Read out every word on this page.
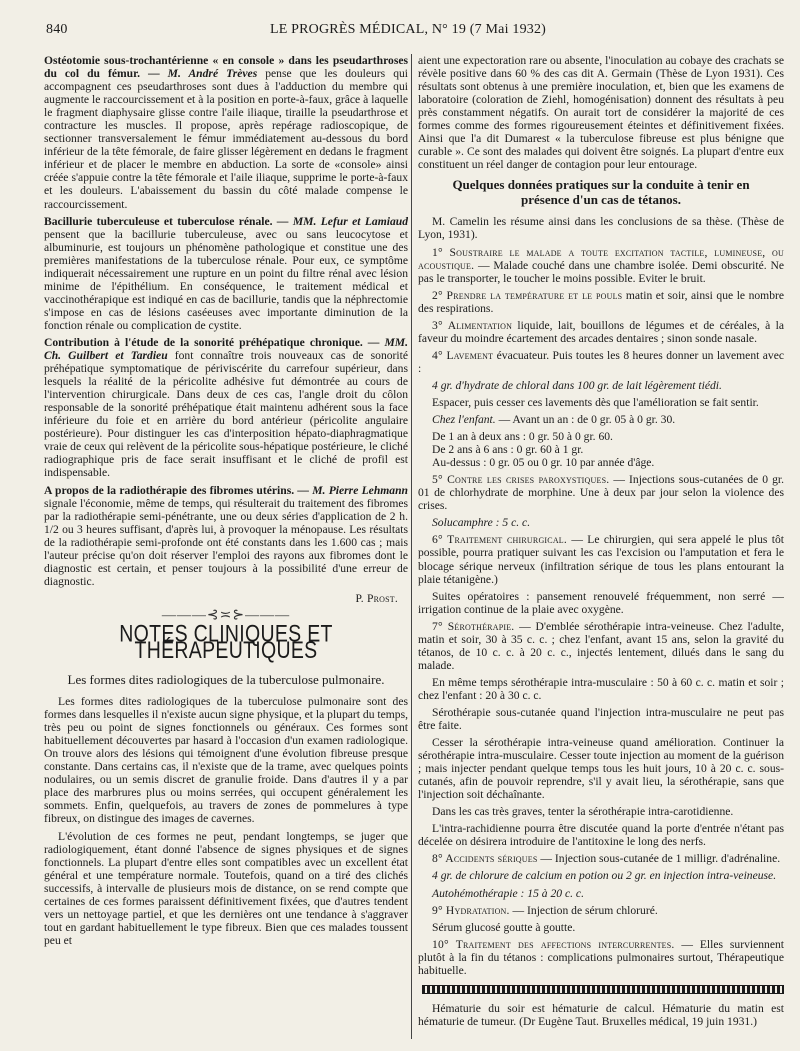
840	LE PROGRÈS MÉDICAL, N° 19 (7 Mai 1932)

Ostéotomie sous-trochantérienne « en console » dans les pseudarthroses du col du fémur. — M. André Trèves pense que les douleurs qui accompagnent ces pseudarthroses sont dues à l'adduction du membre qui augmente le raccourcissement et à la position en porte-à-faux, grâce à laquelle le fragment diaphysaire glisse contre l'aile iliaque, tiraille la pseudarthrose et contracture les muscles. Il propose, après repérage radioscopique, de sectionner transversalement le fémur immédiatement au-dessous du bord inférieur de la tête fémorale, de faire glisser légèrement en dedans le fragment inférieur et de placer le membre en abduction. La sorte de «console» ainsi créée s'appuie contre la tête fémorale et l'aile iliaque, supprime le porte-à-faux et les douleurs. L'abaissement du bassin du côté malade compense le raccourcissement.

Bacillurie tuberculeuse et tuberculose rénale. — MM. Lefur et Lamiaud pensent que la bacillurie tuberculeuse, avec ou sans leucocytose et albuminurie, est toujours un phénomène pathologique et constitue une des premières manifestations de la tuberculose rénale. Pour eux, ce symptôme indiquerait nécessairement une rupture en un point du filtre rénal avec lésion minime de l'épithélium. En conséquence, le traitement médical et vaccinothérapique est indiqué en cas de bacillurie, tandis que la néphrectomie s'impose en cas de lésions caséeuses avec importante diminution de la fonction rénale ou complication de cystite.

Contribution à l'étude de la sonorité préhépatique chronique. — MM. Ch. Guilbert et Tardieu font connaître trois nouveaux cas de sonorité préhépatique symptomatique de périviscérite du carrefour supérieur, dans lesquels la réalité de la péricolite adhésive fut démontrée au cours de l'intervention chirurgicale. Dans deux de ces cas, l'angle droit du côlon responsable de la sonorité préhépatique était maintenu adhérent sous la face inférieure du foie et en arrière du bord antérieur (péricolite angulaire postérieure). Pour distinguer les cas d'interposition hépato-diaphragmatique vraie de ceux qui relèvent de la péricolite sous-hépatique postérieure, le cliché radiographique pris de face serait insuffisant et le cliché de profil est indispensable.

A propos de la radiothérapie des fibromes utérins. — M. Pierre Lehmann signale l'économie, même de temps, qui résulterait du traitement des fibromes par la radiothérapie semi-pénétrante, une ou deux séries d'application de 2 h. 1/2 ou 3 heures suffisant, d'après lui, à provoquer la ménopause. Les résultats de la radiothérapie semi-profonde ont été constants dans les 1.600 cas ; mais l'auteur précise qu'on doit réserver l'emploi des rayons aux fibromes dont le diagnostic est certain, et penser toujours à la possibilité d'une erreur de diagnostic.

P. Prost.

———⊰≍⊱———
NOTES CLINIQUES ET THÉRAPEUTIQUES
Les formes dites radiologiques de la tuberculose pulmonaire.

Les formes dites radiologiques de la tuberculose pulmonaire sont des formes dans lesquelles il n'existe aucun signe physique, et la plupart du temps, très peu ou point de signes fonctionnels ou généraux. Ces formes sont habituellement découvertes par hasard à l'occasion d'un examen radiologique. On trouve alors des lésions qui témoignent d'une évolution fibreuse presque constante. Dans certains cas, il n'existe que de la trame, avec quelques points nodulaires, ou un semis discret de granulie froide. Dans d'autres il y a par place des marbrures plus ou moins serrées, qui occupent généralement les sommets. Enfin, quelquefois, au travers de zones de pommelures à type fibreux, on distingue des images de cavernes.

L'évolution de ces formes ne peut, pendant longtemps, se juger que radiologiquement, étant donné l'absence de signes physiques et de signes fonctionnels. La plupart d'entre elles sont compatibles avec un excellent état général et une température normale. Toutefois, quand on a tiré des clichés successifs, à intervalle de plusieurs mois de distance, on se rend compte que certaines de ces formes paraissent définitivement fixées, que d'autres tendent vers un nettoyage partiel, et que les dernières ont une tendance à s'aggraver tout en gardant habituellement le type fibreux. Bien que ces malades toussent peu et

aient une expectoration rare ou absente, l'inoculation au cobaye des crachats se révèle positive dans 60 % des cas dit A. Germain (Thèse de Lyon 1931). Ces résultats sont obtenus à une première inoculation, et, bien que les examens de laboratoire (coloration de Ziehl, homogénisation) donnent des résultats à peu près constamment négatifs. On aurait tort de considérer la majorité de ces formes comme des formes rigoureusement éteintes et définitivement fixées. Ainsi que l'a dit Dumarest « la tuberculose fibreuse est plus bénigne que curable ». Ce sont des malades qui doivent être soignés. La plupart d'entre eux constituent un réel danger de contagion pour leur entourage.

Quelques données pratiques sur la conduite à tenir en présence d'un cas de tétanos.

M. Camelin les résume ainsi dans les conclusions de sa thèse. (Thèse de Lyon, 1931).

1° Soustraire le malade a toute excitation tactile, lumineuse, ou acoustique. — Malade couché dans une chambre isolée. Demi obscurité. Ne pas le transporter, le toucher le moins possible. Eviter le bruit.

2° Prendre la température et le pouls matin et soir, ainsi que le nombre des respirations.

3° Alimentation liquide, lait, bouillons de légumes et de céréales, à la faveur du moindre écartement des arcades dentaires ; sinon sonde nasale.

4° Lavement évacuateur. Puis toutes les 8 heures donner un lavement avec :

4 gr. d'hydrate de chloral dans 100 gr. de lait légèrement tiédi.

Espacer, puis cesser ces lavements dès que l'amélioration se fait sentir.

Chez l'enfant. — Avant un an : de 0 gr. 05 à 0 gr. 30.

De 1 an à deux ans : 0 gr. 50 à 0 gr. 60.

De 2 ans à 6 ans : 0 gr. 60 à 1 gr.

Au-dessus : 0 gr. 05 ou 0 gr. 10 par année d'âge.

5° Contre les crises paroxystiques. — Injections sous-cutanées de 0 gr. 01 de chlorhydrate de morphine. Une à deux par jour selon la violence des crises.

Solucamphre : 5 c. c.

6° Traitement chirurgical. — Le chirurgien, qui sera appelé le plus tôt possible, pourra pratiquer suivant les cas l'excision ou l'amputation et fera le blocage sérique nerveux (infiltration sérique de tous les plans entourant la plaie tétanigène.)

Suites opératoires : pansement renouvelé fréquemment, non serré — irrigation continue de la plaie avec oxygène.

7° Sérothérapie. — D'emblée sérothérapie intra-veineuse. Chez l'adulte, matin et soir, 30 à 35 c. c. ; chez l'enfant, avant 15 ans, selon la gravité du tétanos, de 10 c. c. à 20 c. c., injectés lentement, dilués dans le sang du malade.

En même temps sérothérapie intra-musculaire : 50 à 60 c. c. matin et soir ; chez l'enfant : 20 à 30 c. c.

Sérothérapie sous-cutanée quand l'injection intra-musculaire ne peut pas être faite.

Cesser la sérothérapie intra-veineuse quand amélioration. Continuer la sérothérapie intra-musculaire. Cesser toute injection au moment de la guérison ; mais injecter pendant quelque temps tous les huit jours, 10 à 20 c. c. sous-cutanés, afin de pouvoir reprendre, s'il y avait lieu, la sérothérapie, sans que l'injection soit déchaînante.

Dans les cas très graves, tenter la sérothérapie intra-carotidienne.

L'intra-rachidienne pourra être discutée quand la porte d'entrée n'étant pas décelée on désirera introduire de l'antitoxine le long des nerfs.

8° Accidents sériques — Injection sous-cutanée de 1 milligr. d'adrénaline.

4 gr. de chlorure de calcium en potion ou 2 gr. en injection intra-veineuse.

Autohémothérapie : 15 à 20 c. c.

9° Hydratation. — Injection de sérum chloruré.

Sérum glucosé goutte à goutte.

10° Traitement des affections intercurrentes. — Elles surviennent plutôt à la fin du tétanos : complications pulmonaires surtout, Thérapeutique habituelle.

Hématurie du soir est hématurie de calcul. Hématurie du matin est hématurie de tumeur. (Dr Eugène Taut. Bruxelles médical, 19 juin 1931.)
